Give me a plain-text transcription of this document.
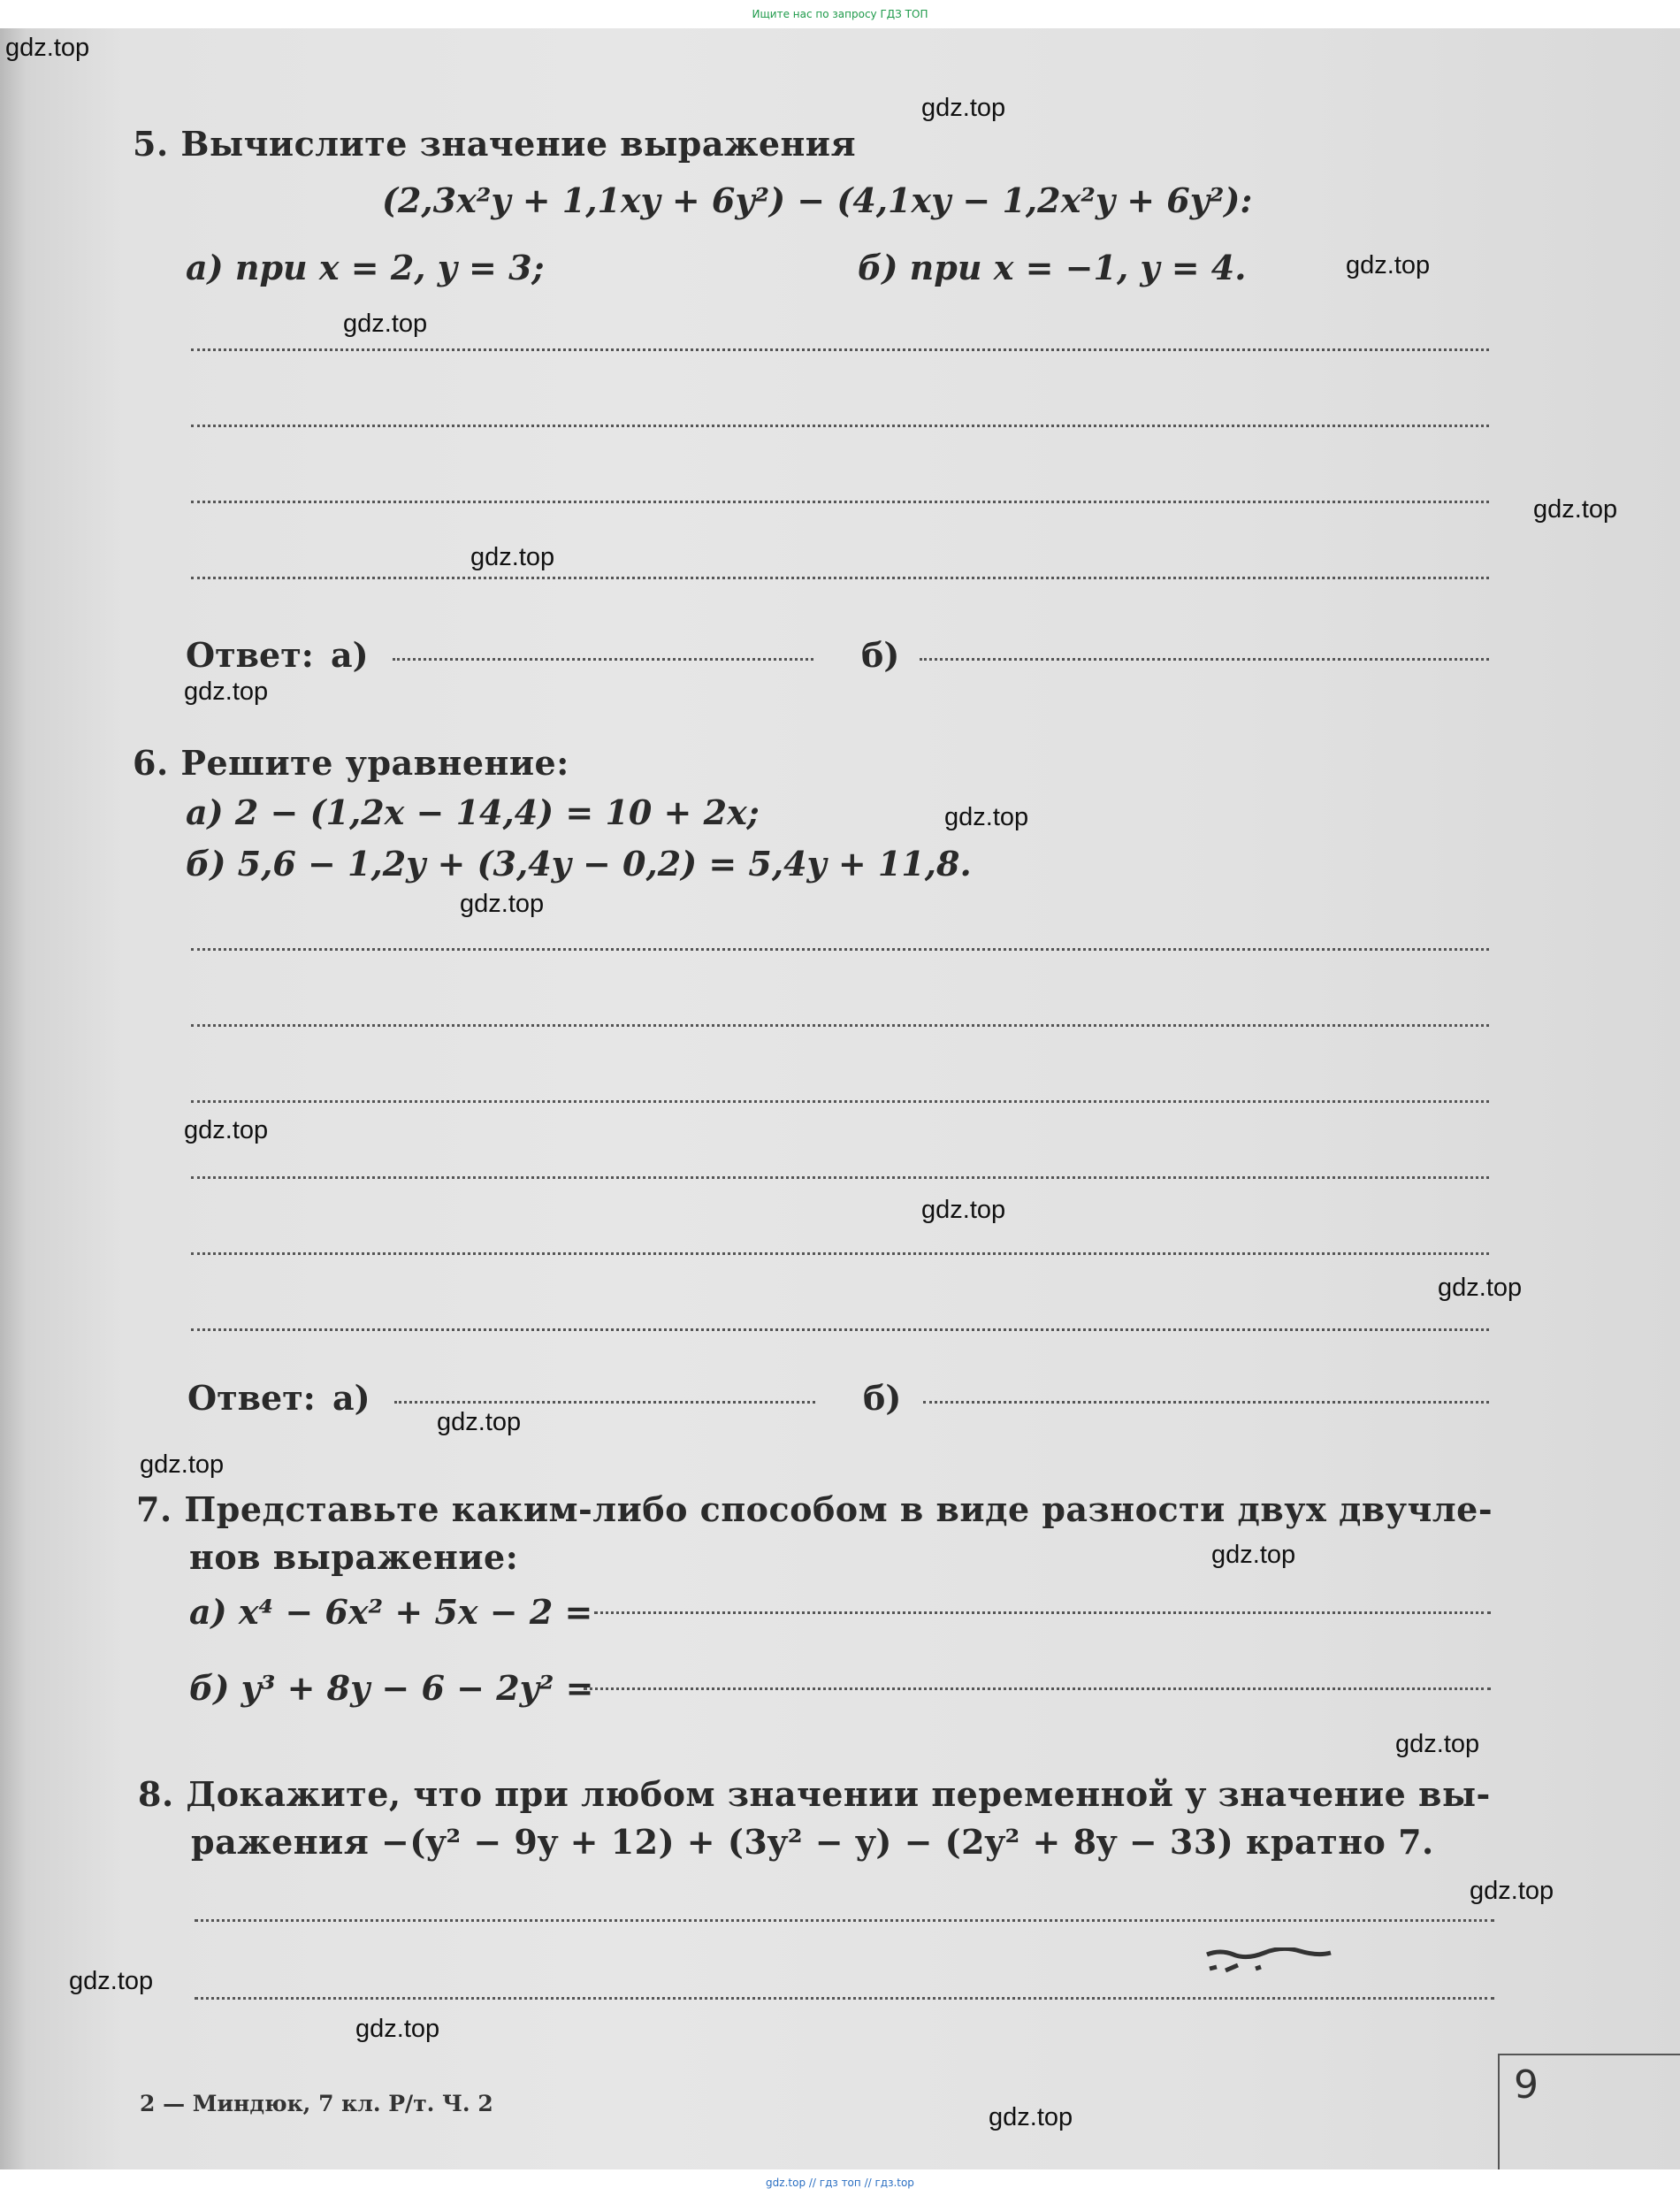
Ищите нас по запросу ГДЗ ТОП
gdz.top
gdz.top
gdz.top
gdz.top
gdz.top
gdz.top
gdz.top
gdz.top
gdz.top
gdz.top
gdz.top
gdz.top
gdz.top
gdz.top
gdz.top
gdz.top
gdz.top
gdz.top
gdz.top
gdz.top
5. Вычислите значение выражения
(2,3x²y + 1,1xy + 6y²) − (4,1xy − 1,2x²y + 6y²):
а) при x = 2, y = 3;	б) при x = −1, y = 4.
Ответ: а)	б)
6. Решите уравнение:
а) 2 − (1,2x − 14,4) = 10 + 2x;
б) 5,6 − 1,2y + (3,4y − 0,2) = 5,4y + 11,8.
Ответ: а)	б)
7. Представьте каким-либо способом в виде разности двух двучле-
нов выражение:
а) x⁴ − 6x² + 5x − 2 =
б) y³ + 8y − 6 − 2y² =
8. Докажите, что при любом значении переменной y значение вы-
ражения −(y² − 9y + 12) + (3y² − y) − (2y² + 8y − 33) кратно 7.
2 — Миндюк, 7 кл. Р/т. Ч. 2	9
gdz.top // гдз топ // гдз.top
